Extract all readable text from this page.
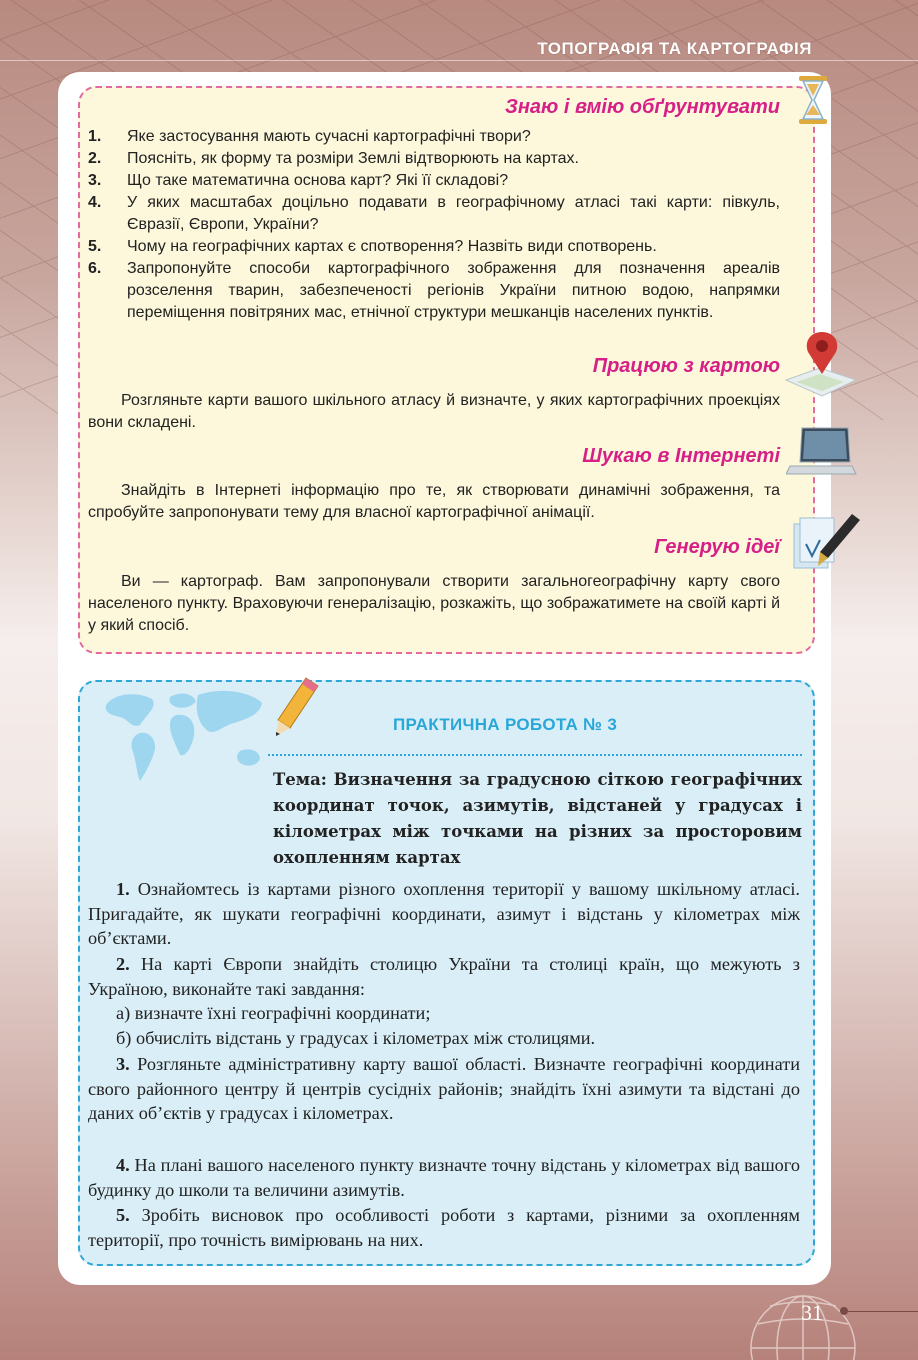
ТОПОГРАФІЯ ТА КАРТОГРАФІЯ
Знаю і вмію обґрунтувати
1. Яке застосування мають сучасні картографічні твори?
2. Поясніть, як форму та розміри Землі відтворюють на картах.
3. Що таке математична основа карт? Які її складові?
4. У яких масштабах доцільно подавати в географічному атласі такі карти: півкуль, Євразії, Європи, України?
5. Чому на географічних картах є спотворення? Назвіть види спотворень.
6. Запропонуйте способи картографічного зображення для позначення ареалів розселення тварин, забезпеченості регіонів України питною водою, напрямки переміщення повітряних мас, етнічної структури мешканців населених пунктів.
Працюю з картою
Розгляньте карти вашого шкільного атласу й визначте, у яких картографічних проекціях вони складені.
Шукаю в Інтернеті
Знайдіть в Інтернеті інформацію про те, як створювати динамічні зображення, та спробуйте запропонувати тему для власної картографічної анімації.
Генерую ідеї
Ви — картограф. Вам запропонували створити загальногеографічну карту свого населеного пункту. Враховуючи генералізацію, розкажіть, що зображатимете на своїй карті й у який спосіб.
ПРАКТИЧНА РОБОТА № 3
Тема: Визначення за градусною сіткою географічних координат точок, азимутів, відстаней у градусах і кілометрах між точками на різних за просторовим охопленням картах
1. Ознайомтесь із картами різного охоплення території у вашому шкільному атласі. Пригадайте, як шукати географічні координати, азимут і відстань у кілометрах між об’єктами.
2. На карті Європи знайдіть столицю України та столиці країн, що межують з Україною, виконайте такі завдання:
а) визначте їхні географічні координати;
б) обчисліть відстань у градусах і кілометрах між столицями.
3. Розгляньте адміністративну карту вашої області. Визначте географічні координати свого районного центру й центрів сусідніх районів; знайдіть їхні азимути та відстані до даних об’єктів у градусах і кілометрах.
4. На плані вашого населеного пункту визначте точну відстань у кілометрах від вашого будинку до школи та величини азимутів.
5. Зробіть висновок про особливості роботи з картами, різними за охопленням території, про точність вимірювань на них.
31
